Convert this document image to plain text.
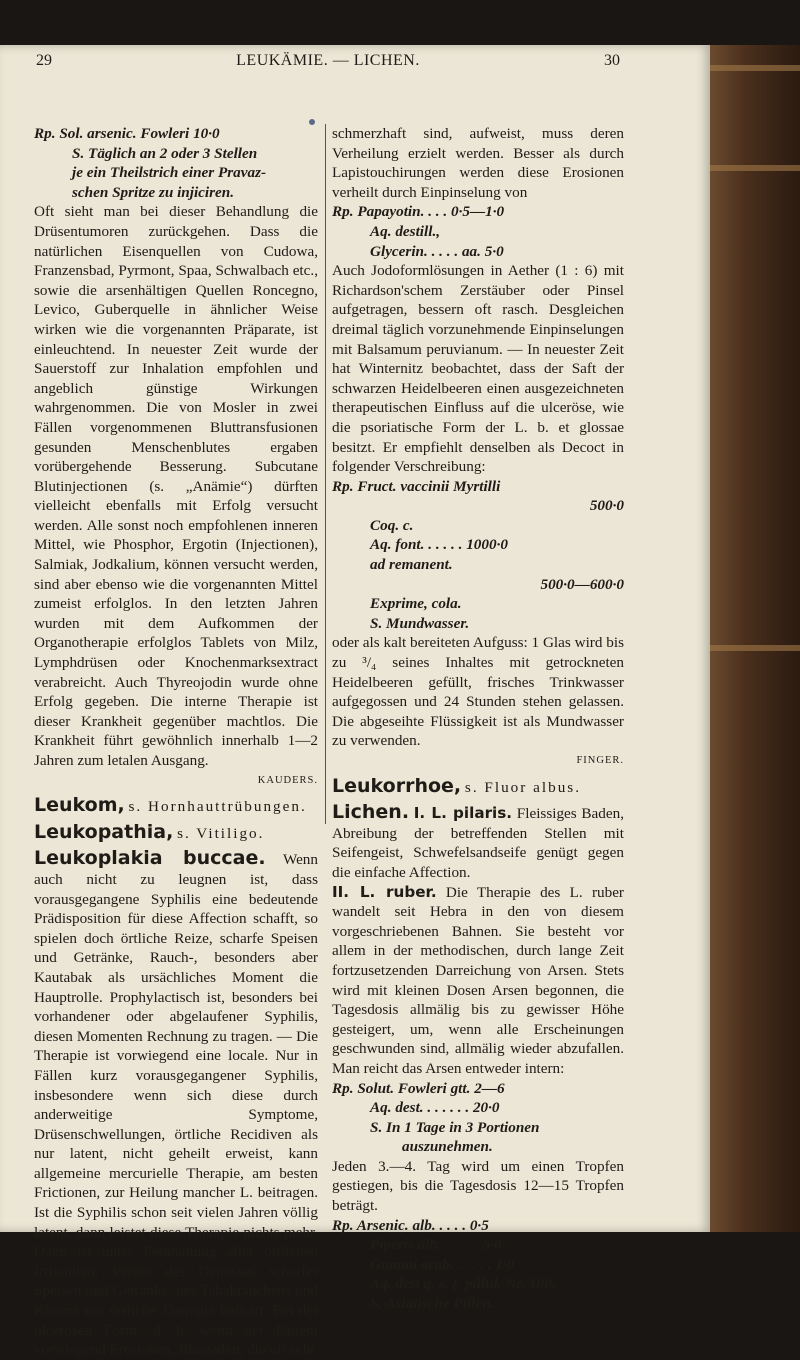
29	LEUKÄMIE. — LICHEN.	30

Rp. Sol. arsenic. Fowleri 10·0

S. Täglich an 2 oder 3 Stellen

je ein Theilstrich einer Pravaz-

schen Spritze zu injiciren.

Oft sieht man bei dieser Behandlung die Drüsentumoren zurückgehen. Dass die natürlichen Eisenquellen von Cudowa, Franzensbad, Pyrmont, Spaa, Schwalbach etc., sowie die arsenhältigen Quellen Roncegno, Levico, Guberquelle in ähnlicher Weise wirken wie die vorgenannten Präparate, ist einleuchtend. In neuester Zeit wurde der Sauerstoff zur Inhalation empfohlen und angeblich günstige Wirkungen wahrgenommen. Die von Mosler in zwei Fällen vorgenommenen Bluttransfusionen gesunden Menschenblutes ergaben vorübergehende Besserung. Subcutane Blutinjectionen (s. „Anämie“) dürften vielleicht ebenfalls mit Erfolg versucht werden. Alle sonst noch empfohlenen inneren Mittel, wie Phosphor, Ergotin (Injectionen), Salmiak, Jodkalium, können versucht werden, sind aber ebenso wie die vorgenannten Mittel zumeist erfolglos. In den letzten Jahren wurden mit dem Aufkommen der Organotherapie erfolglos Tablets von Milz, Lymphdrüsen oder Knochenmarksextract verabreicht. Auch Thyreojodin wurde ohne Erfolg gegeben. Die interne Therapie ist dieser Krankheit gegenüber machtlos. Die Krankheit führt gewöhnlich innerhalb 1—2 Jahren zum letalen Ausgang.

KAUDERS.

Leukom, s. Hornhauttrübungen.

Leukopathia, s. Vitiligo.

Leukoplakia buccae. Wenn auch nicht zu leugnen ist, dass vorausgegangene Syphilis eine bedeutende Prädisposition für diese Affection schafft, so spielen doch örtliche Reize, scharfe Speisen und Getränke, Rauch-, besonders aber Kautabak als ursächliches Moment die Hauptrolle. Prophylactisch ist, besonders bei vorhandener oder abgelaufener Syphilis, diesen Momenten Rechnung zu tragen. — Die Therapie ist vorwiegend eine locale. Nur in Fällen kurz vorausgegangener Syphilis, insbesondere wenn sich diese durch anderweitige Symptome, Drüsenschwellungen, örtliche Recidiven als nur latent, nicht geheilt erweist, kann allgemeine mercurielle Therapie, am besten Frictionen, zur Heilung mancher L. beitragen. Ist die Syphilis schon seit vielen Jahren völlig latent, dann leistet diese Therapie nichts mehr. Dann ist unter Fernhaltung aller örtlichen Irritantien, Verbot des Genusses scharfer Speisen und Getränke, des Tabakrauchens und Kauens nur örtliche Therapie indicirt. Bei der ulcerösen Form, d. h. wenn der Patient vorwiegend Erosionen, Rhagaden, die oft sehr

schmerzhaft sind, aufweist, muss deren Verheilung erzielt werden. Besser als durch Lapistouchirungen werden diese Erosionen verheilt durch Einpinselung von

Rp. Papayotin. . . . 0·5—1·0

Aq. destill.,

Glycerin. . . . . aa. 5·0

Auch Jodoformlösungen in Aether (1 : 6) mit Richardson'schem Zerstäuber oder Pinsel aufgetragen, bessern oft rasch. Desgleichen dreimal täglich vorzunehmende Einpinselungen mit Balsamum peruvianum. — In neuester Zeit hat Winternitz beobachtet, dass der Saft der schwarzen Heidelbeeren einen ausgezeichneten therapeutischen Einfluss auf die ulceröse, wie die psoriatische Form der L. b. et glossae besitzt. Er empfiehlt denselben als Decoct in folgender Verschreibung:

Rp. Fruct. vaccinii Myrtilli

500·0

Coq. c.

Aq. font. . . . . . 1000·0

ad remanent.

500·0—600·0

Exprime, cola.

S. Mundwasser.

oder als kalt bereiteten Aufguss: 1 Glas wird bis zu ³/₄ seines Inhaltes mit getrockneten Heidelbeeren gefüllt, frisches Trinkwasser aufgegossen und 24 Stunden stehen gelassen. Die abgeseihte Flüssigkeit ist als Mundwasser zu verwenden.

FINGER.

Leukorrhoe, s. Fluor albus.

Lichen. I. L. pilaris. Fleissiges Baden, Abreibung der betreffenden Stellen mit Seifengeist, Schwefelsandseife genügt gegen die einfache Affection.

II. L. ruber. Die Therapie des L. ruber wandelt seit Hebra in den von diesem vorgeschriebenen Bahnen. Sie besteht vor allem in der methodischen, durch lange Zeit fortzusetzenden Darreichung von Arsen. Stets wird mit kleinen Dosen Arsen begonnen, die Tagesdosis allmälig bis zu gewisser Höhe gesteigert, um, wenn alle Erscheinungen geschwunden sind, allmälig wieder abzufallen. Man reicht das Arsen entweder intern:

Rp. Solut. Fowleri gtt. 2—6

Aq. dest. . . . . . . 20·0

S. In 1 Tage in 3 Portionen

auszunehmen.

Jeden 3.—4. Tag wird um einen Tropfen gestiegen, bis die Tagesdosis 12—15 Tropfen beträgt.

Rp. Arsenic. alb. . . . . 0·5

Piperis alb. . . . . . 5·0

Gummi arab. . . . . . 1·0

Aq. dest q. s. f. pillul. Nr. 100.

S. Asiatische Pillen.
